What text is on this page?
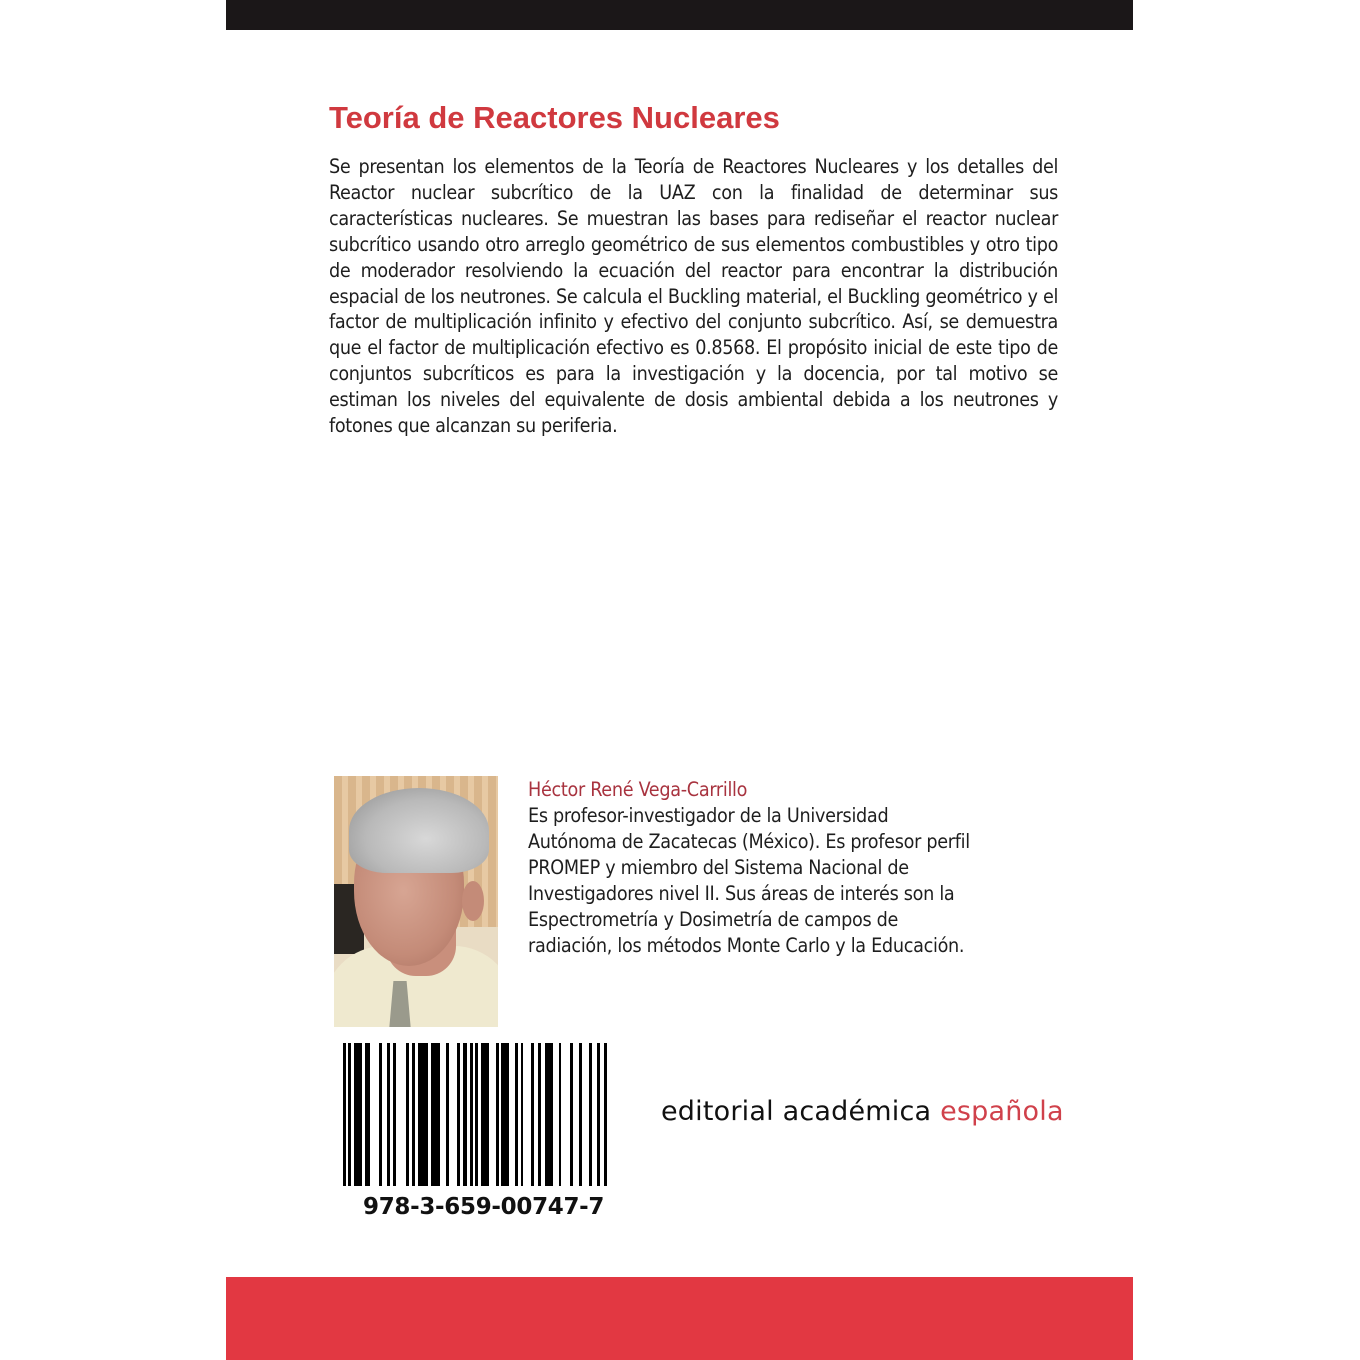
Teoría de Reactores Nucleares
Se presentan los elementos de la Teoría de Reactores Nucleares y los detalles del Reactor nuclear subcrítico de la UAZ con la finalidad de determinar sus características nucleares. Se muestran las bases para rediseñar el reactor nuclear subcrítico usando otro arreglo geométrico de sus elementos combustibles y otro tipo de moderador resolviendo la ecuación del reactor para encontrar la distribución espacial de los neutrones. Se calcula el Buckling material, el Buckling geométrico y el factor de multiplicación infinito y efectivo del conjunto subcrítico. Así, se demuestra que el factor de multiplicación efectivo es 0.8568. El propósito inicial de este tipo de conjuntos subcríticos es para la investigación y la docencia, por tal motivo se estiman los niveles del equivalente de dosis ambiental debida a los neutrones y fotones que alcanzan su periferia.
Héctor René Vega-Carrillo
Es profesor-investigador de la Universidad
Autónoma de Zacatecas (México). Es profesor perfil
PROMEP y miembro del Sistema Nacional de
Investigadores nivel II. Sus áreas de interés son la
Espectrometría y Dosimetría de campos de
radiación, los métodos Monte Carlo y la Educación.
978-3-659-00747-7
editorial académica española
